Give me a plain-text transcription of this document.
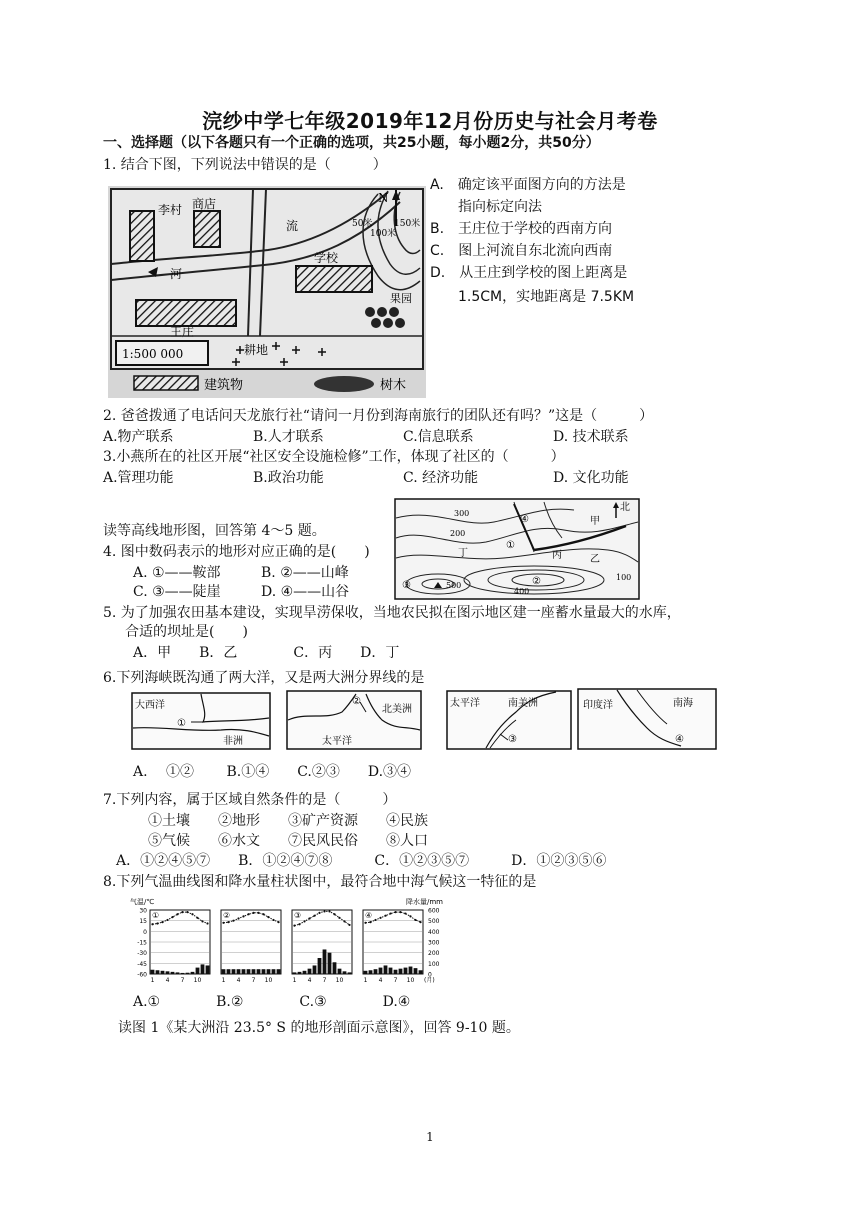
浣纱中学七年级2019年12月份历史与社会月考卷
一、选择题（以下各题只有一个正确的选项，共25小题，每小题2分，共50分）
1. 结合下图，下列说法中错误的是（　　　）
李村 商店
河
流
学校
王庄
耕地
果园
1:500 000
N
50米
100米
150米
建筑物	树木
A.　确定该平面图方向的方法是
指向标定向法
B.　王庄位于学校的西南方向
C.　图上河流自东北流向西南
D.　从王庄到学校的图上距离是
1.5CM，实地距离是 7.5KM
2. 爸爸拨通了电话问天龙旅行社“请问一月份到海南旅行的团队还有吗？”这是（　　　）
A.物产联系	B.人才联系	C.信息联系	D. 技术联系
3.小燕所在的社区开展“社区安全设施检修”工作，体现了社区的（　　　）
A.管理功能	B.政治功能	C. 经济功能	D. 文化功能
读等高线地形图，回答第 4～5 题。
4. 图中数码表示的地形对应正确的是(　　)
A. ①——鞍部	B. ②——山峰
C. ③——陡崖	D. ④——山谷
北
甲
乙
丙
丁
①
②
③
④
300
200
100
400
500
5. 为了加强农田基本建设，实现旱涝保收，当地农民拟在图示地区建一座蓄水量最大的水库，
合适的坝址是(　　)
A．甲　　B．乙　　　　C．丙　　D．丁
6.下列海峡既沟通了两大洋，又是两大洲分界线的是
大西洋
非洲
①
②
北美洲
太平洋
太平洋	南美洲
③
印度洋	南海
④
A. 　①②　　 B.①④　　C.②③　　D.③④
7.下列内容，属于区域自然条件的是（　　　）
①土壤　　②地形　　③矿产资源　　④民族
⑤气候　　⑥水文　　⑦民风民俗　　⑧人口
A．①②④⑤⑦　　B．①②④⑦⑧　　　C．①②③⑤⑦　　　D．①②③⑤⑥
8.下列气温曲线图和降水量柱状图中，最符合地中海气候这一特征的是
气温/℃	降水量/mm
30
15
0
-15
-30
-45
-60
600
500
400
300
200
100
0
①
1 4 7 10
②
1 4 7 10
③
1 4 7 10
④
1 4 7 10 (月)
A.①　　　　B.②　　　　C.③　　　　D.④
读图 1《某大洲沿 23.5° S 的地形剖面示意图》，回答 9-10 题。
1
